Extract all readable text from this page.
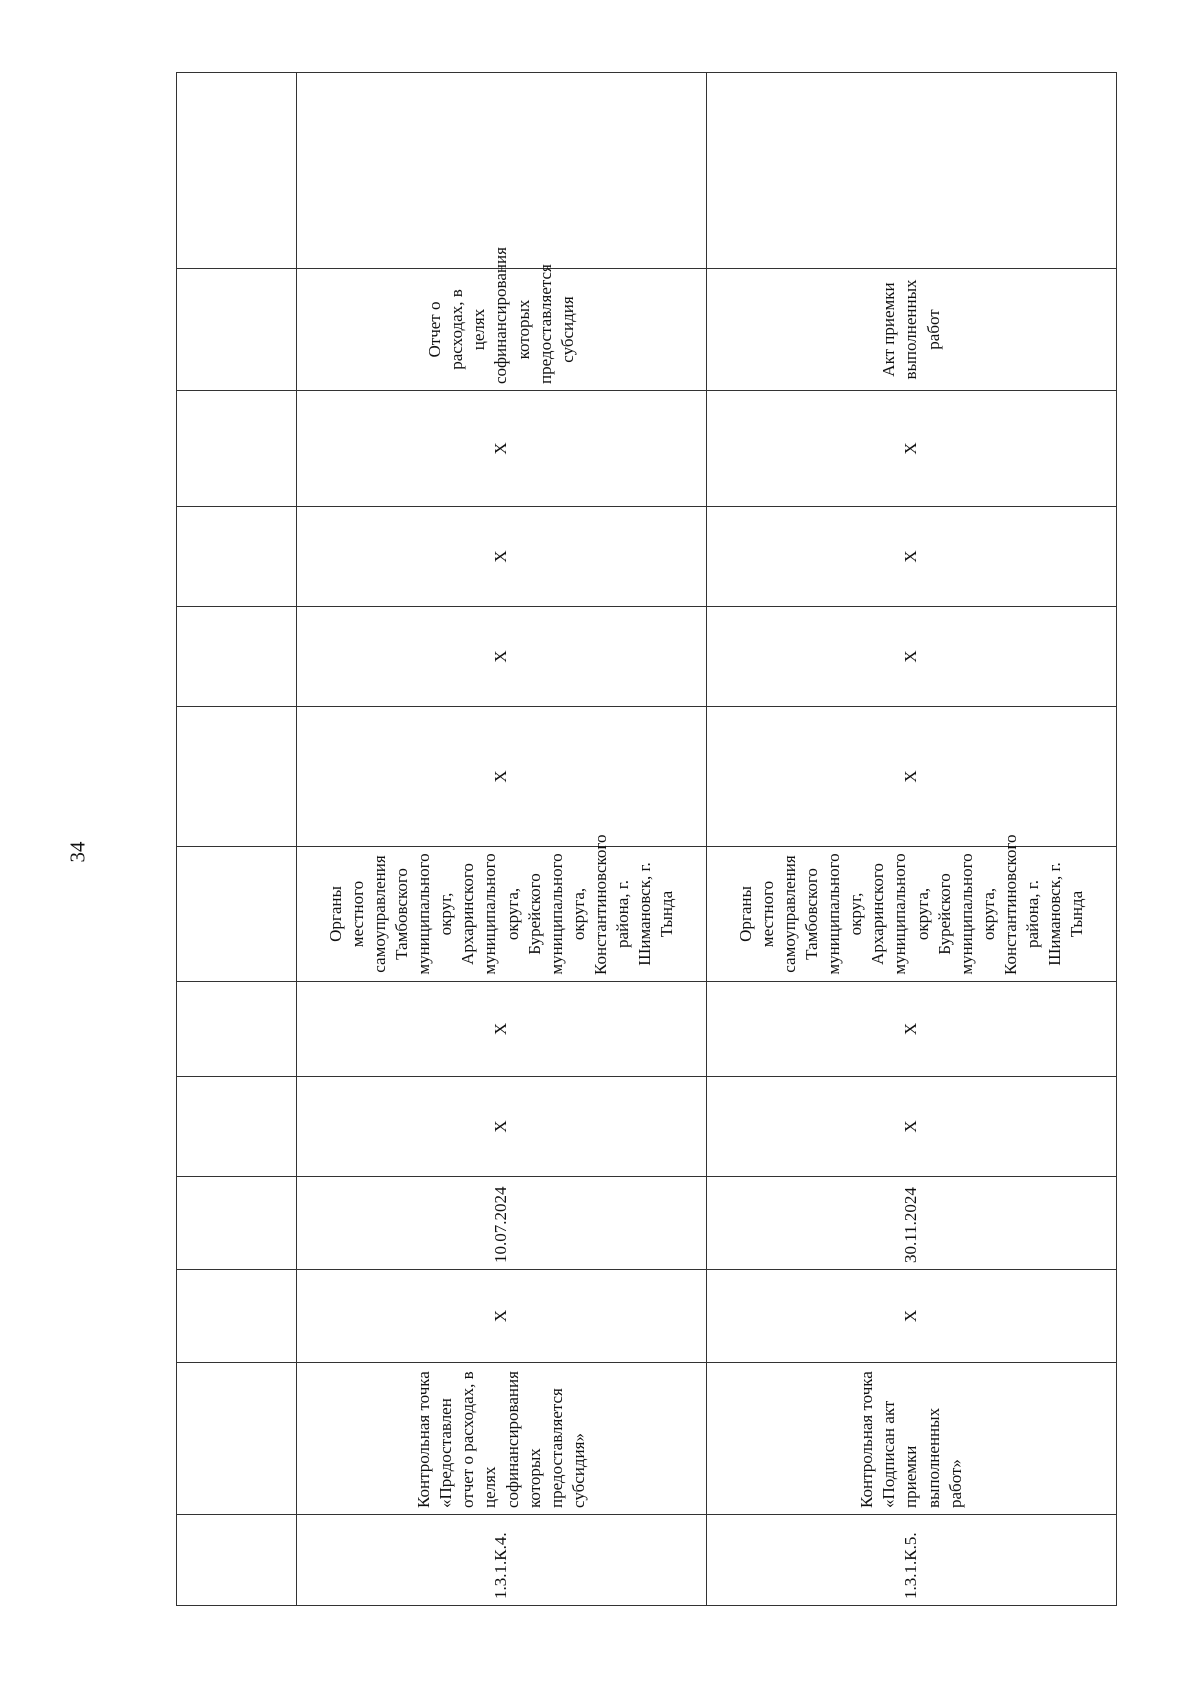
34

1.3.1.К.4.	Контрольная точка «Предоставлен отчет о расходах, в целях софинансирования которых предоставляется субсидия»	X	10.07.2024	X	X	Органы местного самоуправления Тамбовского муниципального округ, Архаринского муниципального округа, Бурейского муниципального округа, Константиновского района, г. Шимановск, г. Тында	X	X	X	X	Отчет о расходах, в целях софинансирования которых предоставляется субсидия	
1.3.1.К.5.	Контрольная точка «Подписан акт приемки выполненных работ»	X	30.11.2024	X	X	Органы местного самоуправления Тамбовского муниципального округ, Архаринского муниципального округа, Бурейского муниципального округа, Константиновского района, г. Шимановск, г. Тында	X	X	X	X	Акт приемки выполненных работ	
